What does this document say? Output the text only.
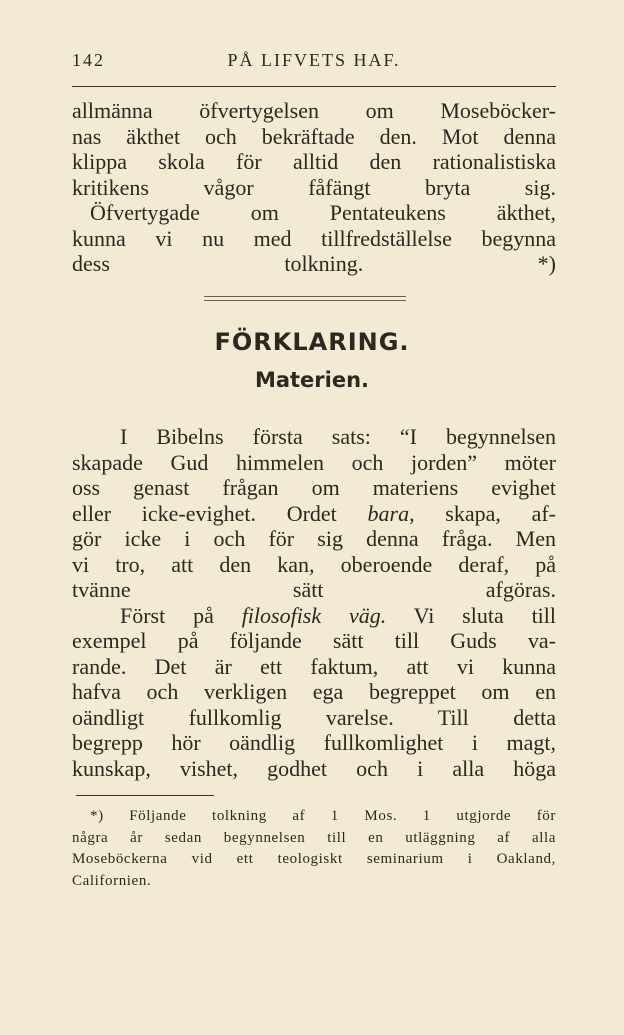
142	PÅ LIFVETS HAF.
allmänna öfvertygelsen om Moseböcker-
nas äkthet och bekräftade den. Mot denna
klippa skola för alltid den rationalistiska
kritikens vågor fåfängt bryta sig.
Öfvertygade om Pentateukens äkthet,
kunna vi nu med tillfredställelse begynna
dess tolkning. *)
FÖRKLARING.
Materien.
I Bibelns första sats: “I begynnelsen
skapade Gud himmelen och jorden” möter
oss genast frågan om materiens evighet
eller icke-evighet. Ordet bara, skapa, af-
gör icke i och för sig denna fråga. Men
vi tro, att den kan, oberoende deraf, på
tvänne sätt afgöras.
Först på filosofisk väg. Vi sluta till
exempel på följande sätt till Guds va-
rande. Det är ett faktum, att vi kunna
hafva och verkligen ega begreppet om en
oändligt fullkomlig varelse. Till detta
begrepp hör oändlig fullkomlighet i magt,
kunskap, vishet, godhet och i alla höga
*) Följande tolkning af 1 Mos. 1 utgjorde för
några år sedan begynnelsen till en utläggning af alla
Moseböckerna vid ett teologiskt seminarium i Oakland,
Californien.
